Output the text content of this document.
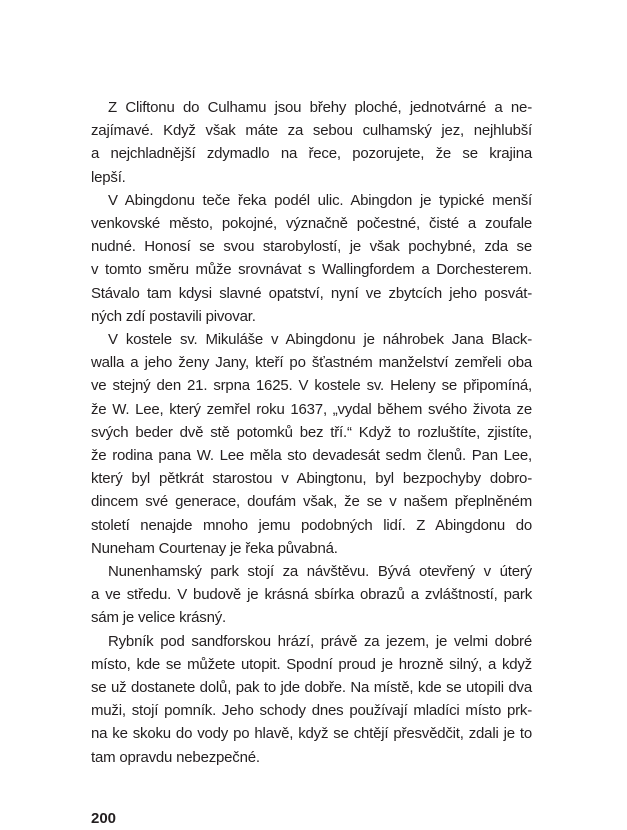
Z Cliftonu do Culhamu jsou břehy ploché, jednotvárné a ne-
zajímavé. Když však máte za sebou culhamský jez, nejhlubší
a nejchladnější zdymadlo na řece, pozorujete, že se krajina
lepší.
V Abingdonu teče řeka podél ulic. Abingdon je typické menší
venkovské město, pokojné, význačně počestné, čisté a zoufale
nudné. Honosí se svou starobylostí, je však pochybné, zda se
v tomto směru může srovnávat s Wallingfordem a Dorchesterem.
Stávalo tam kdysi slavné opatství, nyní ve zbytcích jeho posvát-
ných zdí postavili pivovar.
V kostele sv. Mikuláše v Abingdonu je náhrobek Jana Black-
walla a jeho ženy Jany, kteří po šťastném manželství zemřeli oba
ve stejný den 21. srpna 1625. V kostele sv. Heleny se připomíná,
že W. Lee, který zemřel roku 1637, „vydal během svého života ze
svých beder dvě stě potomků bez tří.“ Když to rozluštíte, zjistíte,
že rodina pana W. Lee měla sto devadesát sedm členů. Pan Lee,
který byl pětkrát starostou v Abingtonu, byl bezpochyby dobro-
dincem své generace, doufám však, že se v našem přeplněném
století nenajde mnoho jemu podobných lidí. Z Abingdonu do
Nuneham Courtenay je řeka půvabná.
Nunenhamský park stojí za návštěvu. Bývá otevřený v úterý
a ve středu. V budově je krásná sbírka obrazů a zvláštností, park
sám je velice krásný.
Rybník pod sandforskou hrází, právě za jezem, je velmi dobré
místo, kde se můžete utopit. Spodní proud je hrozně silný, a když
se už dostanete dolů, pak to jde dobře. Na místě, kde se utopili dva
muži, stojí pomník. Jeho schody dnes používají mladíci místo prk-
na ke skoku do vody po hlavě, když se chtějí přesvědčit, zdali je to
tam opravdu nebezpečné.
200
